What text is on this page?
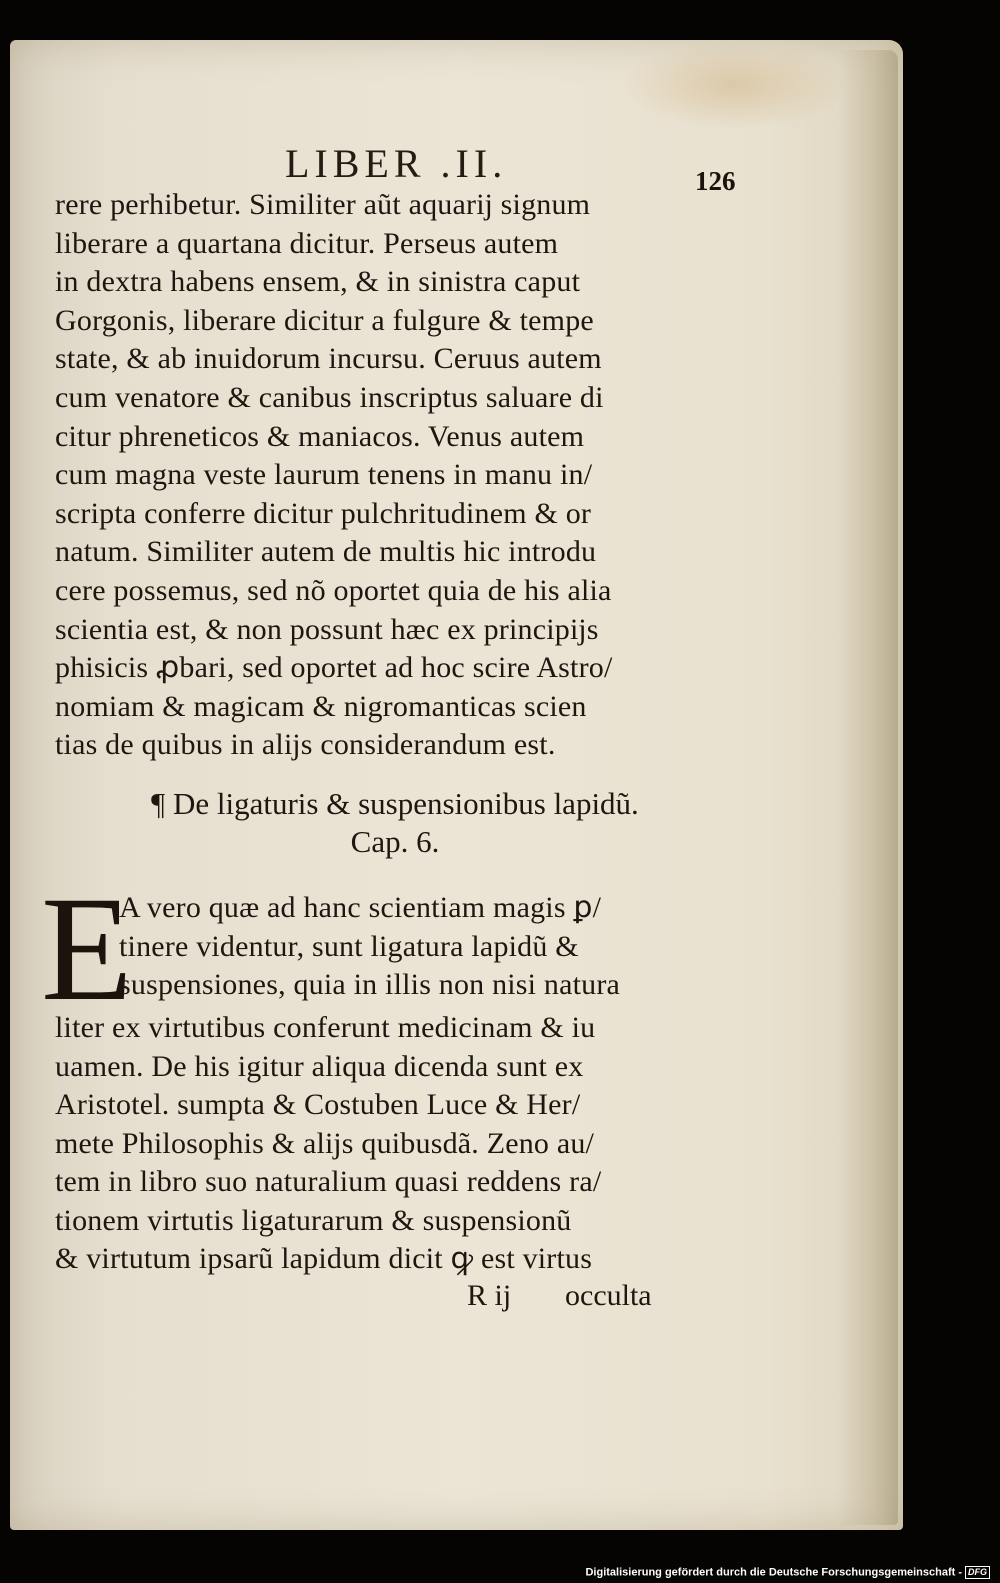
LIBER .II.	126
rere perhibetur. Similiter aũt aquarĳ signum
liberare a quartana dicitur. Perseus autem
in dextra habens ensem, & in sinistra caput
Gorgonis, liberare dicitur a fulgure & tempe
state, & ab inuidorum incursu. Ceruus autem
cum venatore & canibus inscriptus saluare di
citur phreneticos & maniacos. Venus autem
cum magna veste laurum tenens in manu in/
scripta conferre dicitur pulchritudinem & or
natum. Similiter autem de multis hic introdu
cere possemus, sed nõ oportet quia de his alia
scientia est, & non possunt hæc ex principĳs
phisicis ꝓbari, sed oportet ad hoc scire Astro/
nomiam & magicam & nigromanticas scien
tias de quibus in alĳs considerandum est.
¶ De ligaturis & suspensionibus lapidũ.
Cap. 6.
E
A vero quæ ad hanc scientiam magis ꝑ/
tinere videntur, sunt ligatura lapidũ &
suspensiones, quia in illis non nisi natura
liter ex virtutibus conferunt medicinam & iu
uamen. De his igitur aliqua dicenda sunt ex
Aristotel. sumpta & Costuben Luce & Her/
mete Philosophis & alĳs quibusdã. Zeno au/
tem in libro suo naturalium quasi reddens ra/
tionem virtutis ligaturarum & suspensionũ
& virtutum ipsarũ lapidum dicit ꝙ est virtus
R ij occulta
Digitalisierung gefördert durch die Deutsche Forschungsgemeinschaft - DFG
